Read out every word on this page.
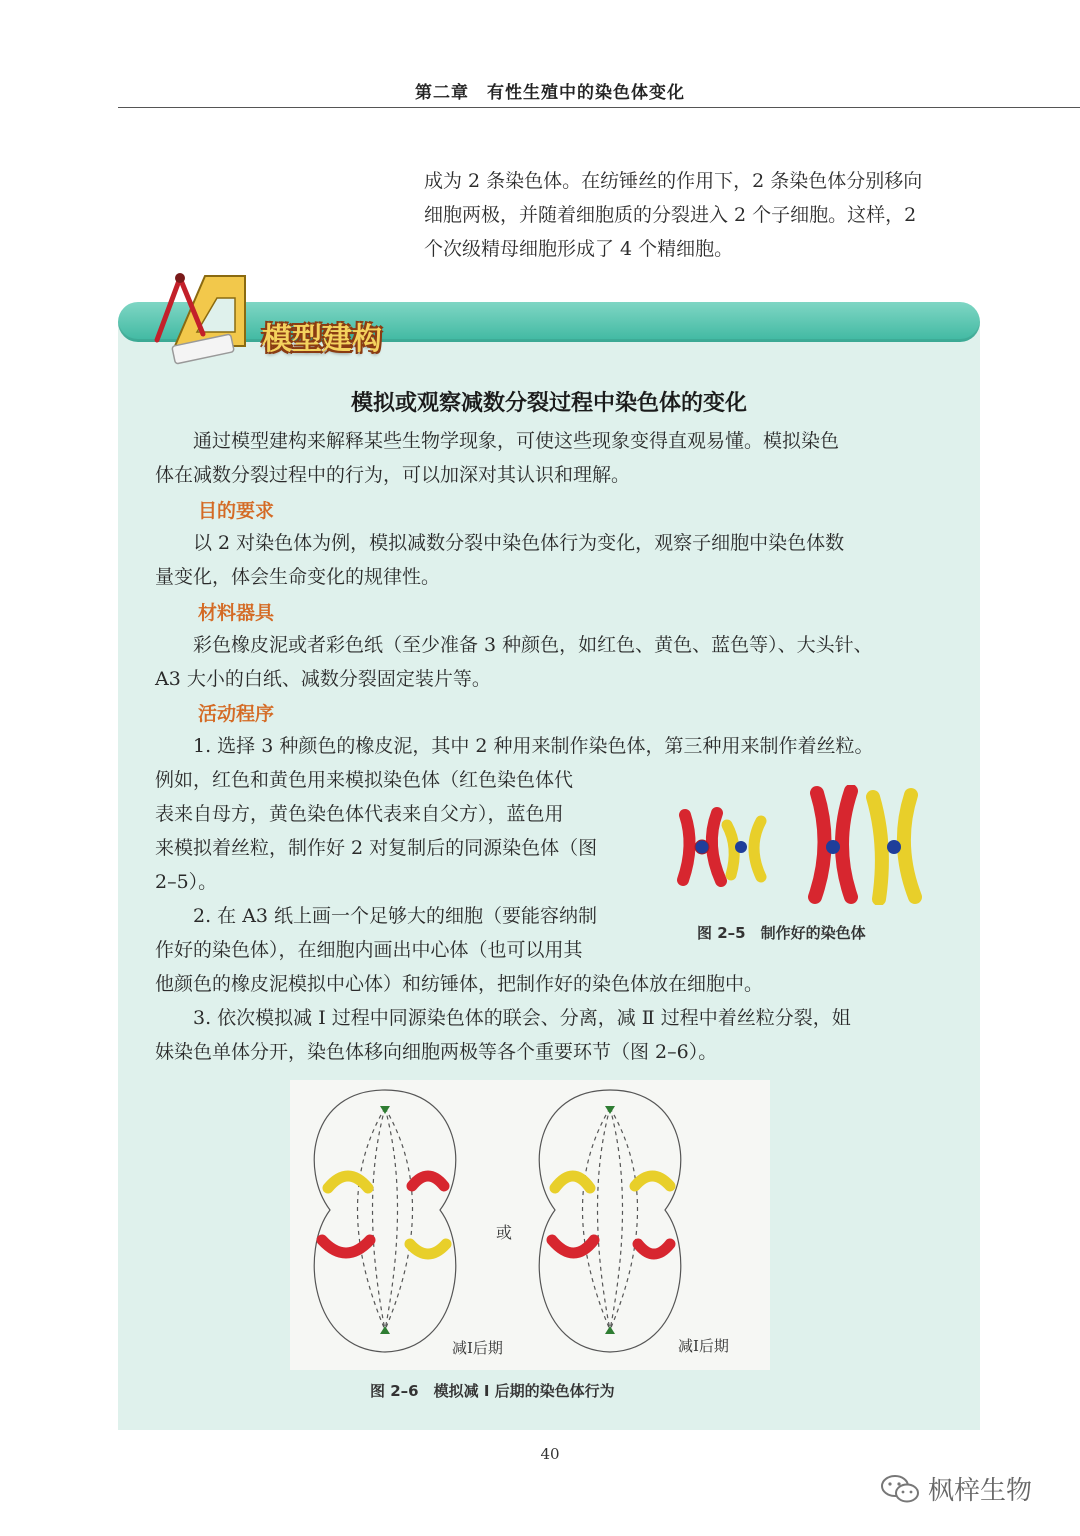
第二章　有性生殖中的染色体变化
成为 2 条染色体。在纺锤丝的作用下，2 条染色体分别移向
细胞两极，并随着细胞质的分裂进入 2 个子细胞。这样，2
个次级精母细胞形成了 4 个精细胞。
模型建构
模拟或观察减数分裂过程中染色体的变化
　　通过模型建构来解释某些生物学现象，可使这些现象变得直观易懂。模拟染色
体在减数分裂过程中的行为，可以加深对其认识和理解。
目的要求
　　以 2 对染色体为例，模拟减数分裂中染色体行为变化，观察子细胞中染色体数
量变化，体会生命变化的规律性。
材料器具
　　彩色橡皮泥或者彩色纸（至少准备 3 种颜色，如红色、黄色、蓝色等）、大头针、
A3 大小的白纸、减数分裂固定装片等。
活动程序
　　1. 选择 3 种颜色的橡皮泥，其中 2 种用来制作染色体，第三种用来制作着丝粒。
例如，红色和黄色用来模拟染色体（红色染色体代
表来自母方，黄色染色体代表来自父方），蓝色用
来模拟着丝粒，制作好 2 对复制后的同源染色体（图
2–5）。
　　2. 在 A3 纸上画一个足够大的细胞（要能容纳制
作好的染色体），在细胞内画出中心体（也可以用其
他颜色的橡皮泥模拟中心体）和纺锤体，把制作好的染色体放在细胞中。
　　3. 依次模拟减 Ⅰ 过程中同源染色体的联会、分离，减 Ⅱ 过程中着丝粒分裂，姐
妹染色单体分开，染色体移向细胞两极等各个重要环节（图 2–6）。
图 2–5　制作好的染色体
或
减Ⅰ后期	减Ⅰ后期
图 2–6　模拟减 Ⅰ 后期的染色体行为
40
枫梓生物
